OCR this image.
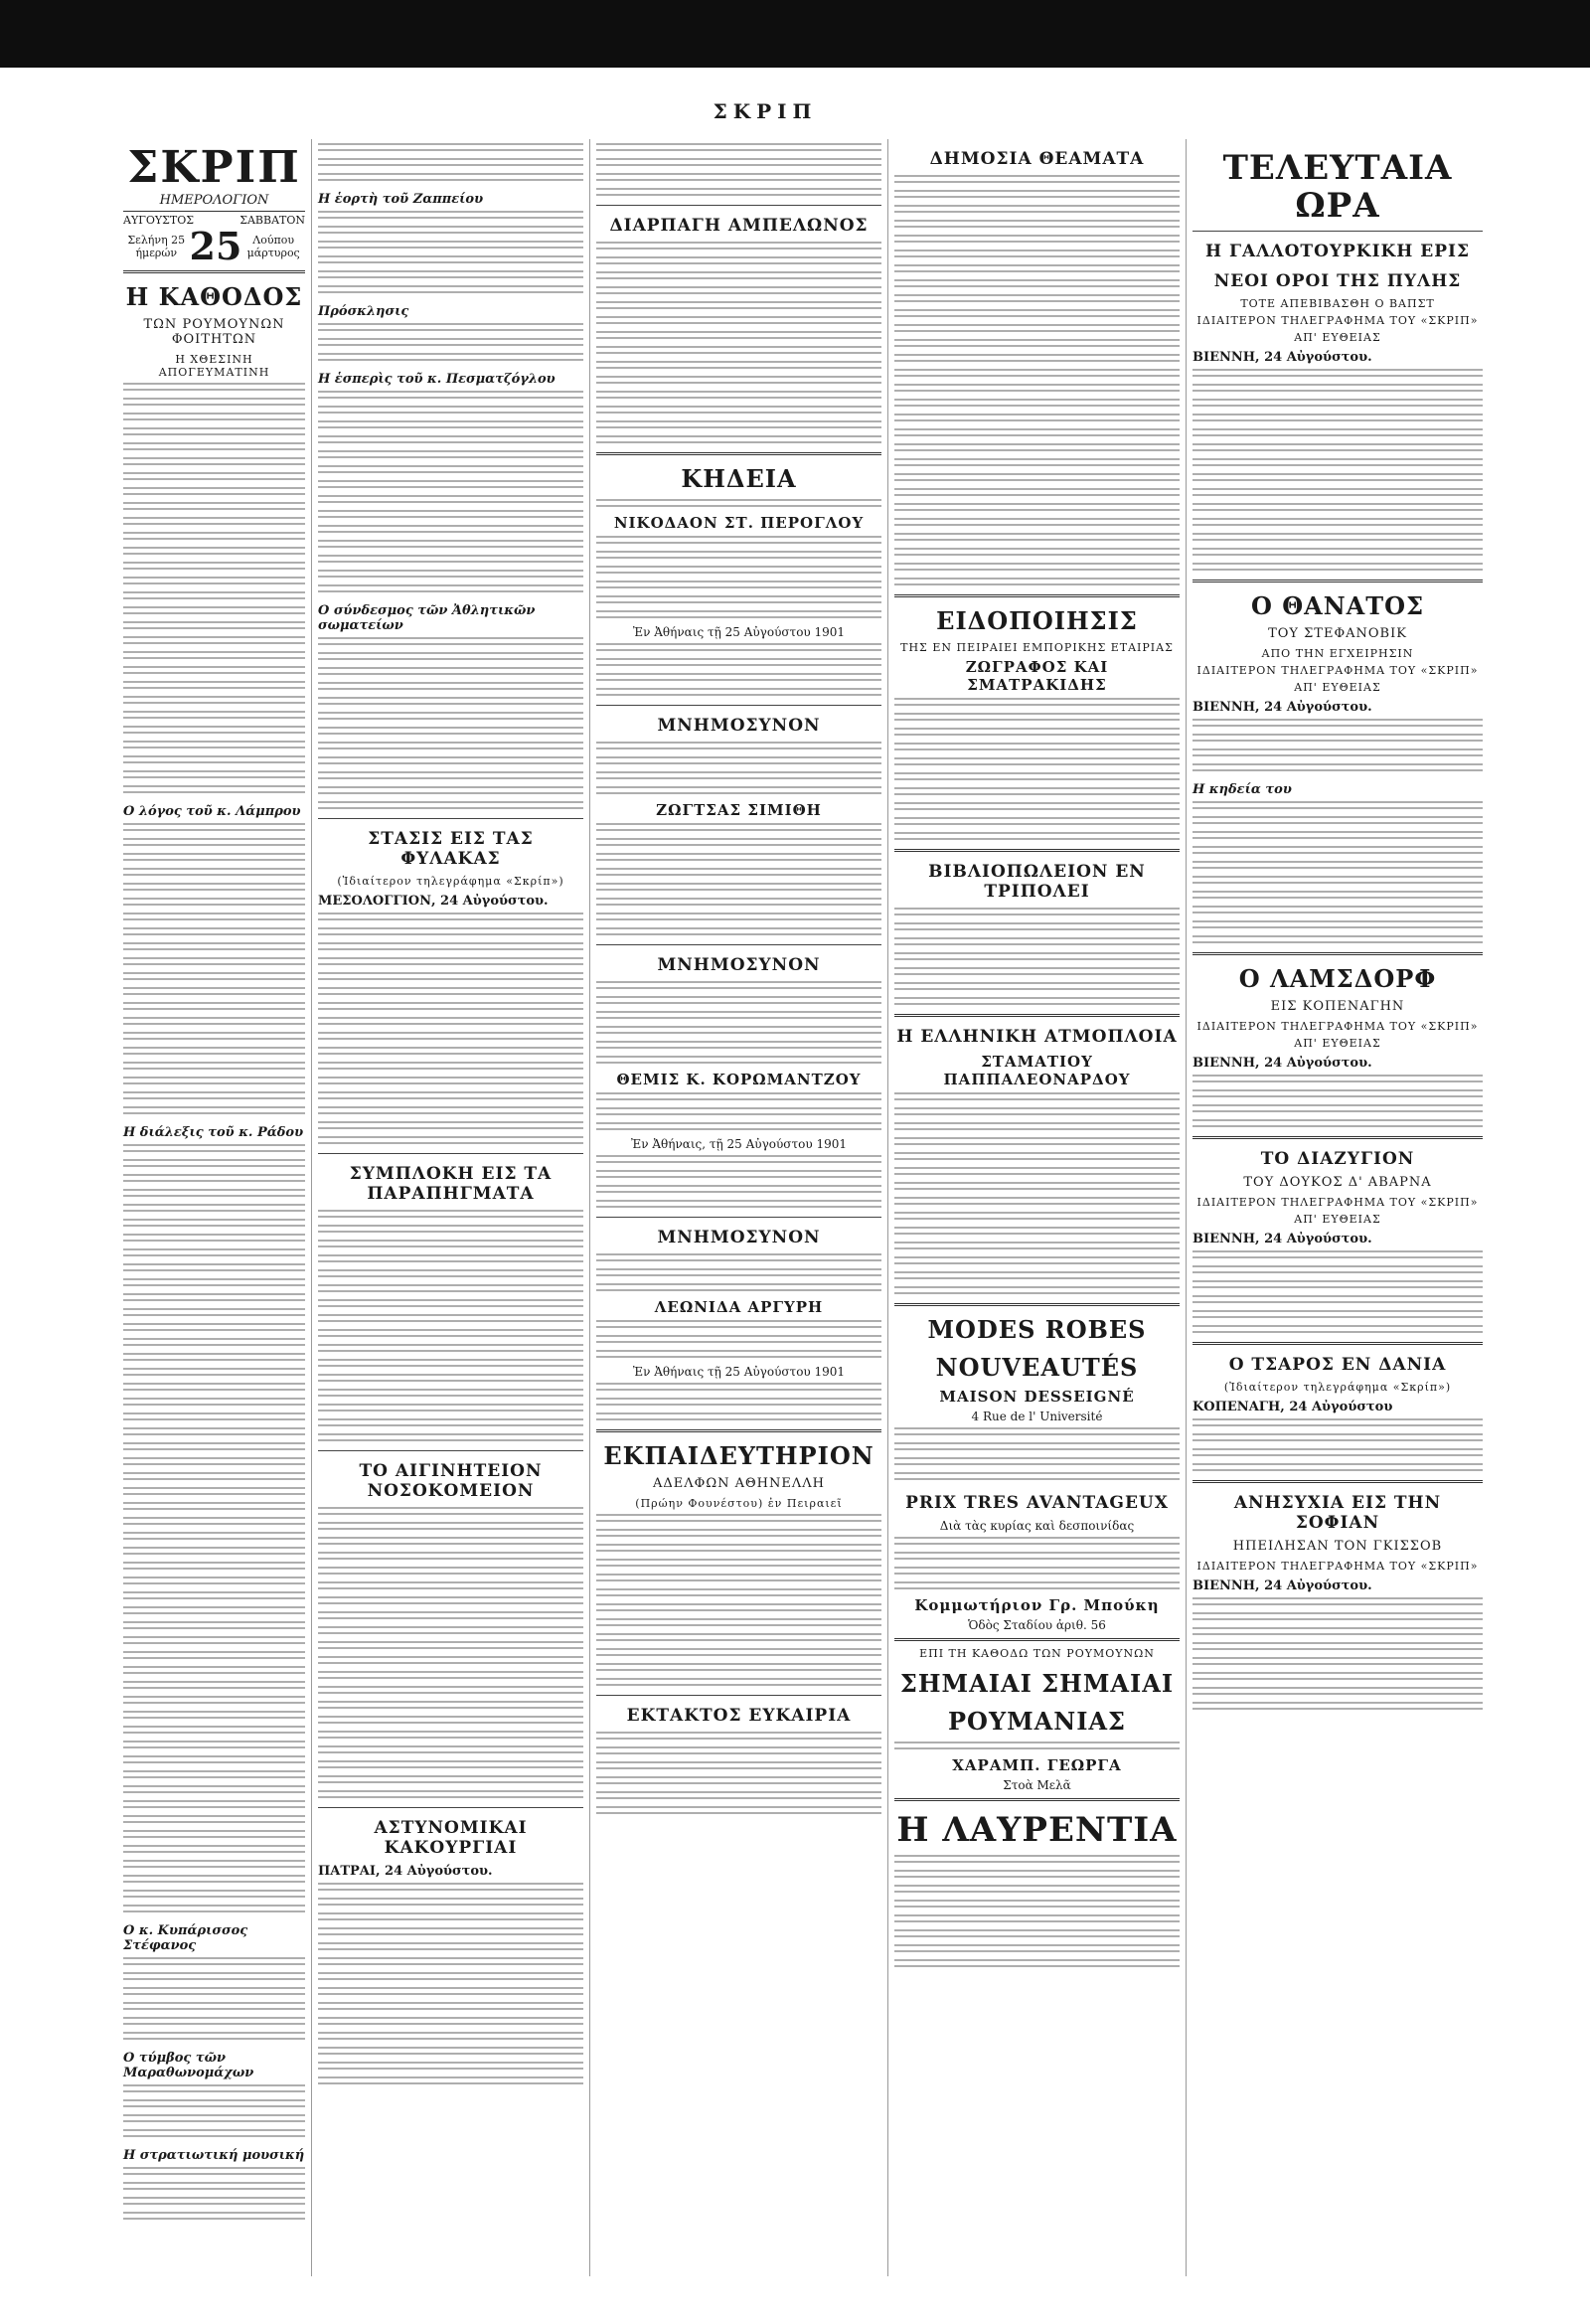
ΣΚΡΙΠ
ΣΚΡΙΠ
ΗΜΕΡΟΛΟΓΙΟΝ
ΑΥΓΟΥΣΤΟΣ	ΣΑΒΒΑΤΟΝ
Σελήνη 25 ήμερών 25 Λούπου μάρτυρος
Η ΚΑΘΟΔΟΣ
ΤΩΝ ΡΟΥΜΟΥΝΩΝ ΦΟΙΤΗΤΩΝ
Η ΧΘΕΣΙΝΗ ΑΠΟΓΕΥΜΑΤΙΝΗ
Ο λόγος τοῦ κ. Λάμπρου
Η διάλεξις τοῦ κ. Ράδου
Ο κ. Κυπάρισσος Στέφανος
Ο τύμβος τῶν Μαραθωνομάχων
Η στρατιωτική μουσική
Η ἑορτὴ τοῦ Ζαππείου
Πρόσκλησις
Η ἑσπερὶς τοῦ κ. Πεσματζόγλου
Ο σύνδεσμος τῶν Ἀθλητικῶν σωματείων
ΣΤΑΣΙΣ ΕΙΣ ΤΑΣ ΦΥΛΑΚΑΣ
(Ἰδιαίτερον τηλεγράφημα «Σκρίπ»)
ΜΕΣΟΛΟΓΓΙΟΝ, 24 Αὐγούστου.
ΣΥΜΠΛΟΚΗ ΕΙΣ ΤΑ ΠΑΡΑΠΗΓΜΑΤΑ
ΤΟ ΑΙΓΙΝΗΤΕΙΟΝ ΝΟΣΟΚΟΜΕΙΟΝ
ΑΣΤΥΝΟΜΙΚΑΙ ΚΑΚΟΥΡΓΙΑΙ
ΠΑΤΡΑΙ, 24 Αὐγούστου.
ΔΙΑΡΠΑΓΗ ΑΜΠΕΛΩΝΟΣ
ΚΗΔΕΙΑ
ΝΙΚΟΔΑΟΝ ΣΤ. ΠΕΡΟΓΛΟΥ
Ἐν Ἀθήναις τῇ 25 Αὐγούστου 1901
ΜΝΗΜΟΣΥΝΟΝ
ΖΩΓΤΣΑΣ ΣΙΜΙΘΗ
ΜΝΗΜΟΣΥΝΟΝ
ΘΕΜΙΣ Κ. ΚΟΡΩΜΑΝΤΖΟΥ
Ἐν Ἀθήναις, τῇ 25 Αὐγούστου 1901
ΜΝΗΜΟΣΥΝΟΝ
ΛΕΩΝΙΔΑ ΑΡΓΥΡΗ
Ἐν Ἀθήναις τῇ 25 Αὐγούστου 1901
ΕΚΠΑΙΔΕΥΤΗΡΙΟΝ
ΑΔΕΛΦΩΝ ΑΘΗΝΕΛΛΗ
(Πρώην Φουνέστου) ἐν Πειραιεῖ
ΕΚΤΑΚΤΟΣ ΕΥΚΑΙΡΙΑ
ΔΗΜΟΣΙΑ ΘΕΑΜΑΤΑ
ΕΙΔΟΠΟΙΗΣΙΣ
ΤΗΣ ΕΝ ΠΕΙΡΑΙΕΙ ΕΜΠΟΡΙΚΗΣ ΕΤΑΙΡΙΑΣ
ΖΩΓΡΑΦΟΣ ΚΑΙ ΣΜΑΤΡΑΚΙΔΗΣ
ΒΙΒΛΙΟΠΩΛΕΙΟΝ ΕΝ ΤΡΙΠΟΛΕΙ
Η ΕΛΛΗΝΙΚΗ ΑΤΜΟΠΛΟΙΑ
ΣΤΑΜΑΤΙΟΥ ΠΑΠΠΑΛΕΟΝΑΡΔΟΥ
MODES ROBES
NOUVEAUTÉS
MAISON DESSEIGNÉ
4 Rue de l' Université
PRIX TRES AVANTAGEUX
Διὰ τὰς κυρίας καὶ δεσποινίδας
Κομμωτήριον Γρ. Μπούκη
Ὁδὸς Σταδίου ἀριθ. 56
ΕΠΙ ΤΗ ΚΑΘΟΔΩ ΤΩΝ ΡΟΥΜΟΥΝΩΝ
ΣΗΜΑΙΑΙ ΣΗΜΑΙΑΙ
ΡΟΥΜΑΝΙΑΣ
ΧΑΡΑΜΠ. ΓΕΩΡΓΑ
Στοὰ Μελᾶ
Η ΛΑΥΡΕΝΤΙΑ
ΤΕΛΕΥΤΑΙΑ ΩΡΑ
Η ΓΑΛΛΟΤΟΥΡΚΙΚΗ ΕΡΙΣ
ΝΕΟΙ ΟΡΟΙ ΤΗΣ ΠΥΛΗΣ
ΤΟΤΕ ΑΠΕΒΙΒΑΣΘΗ Ο ΒΑΠΣΤ
ΙΔΙΑΙΤΕΡΟΝ ΤΗΛΕΓΡΑΦΗΜΑ ΤΟΥ «ΣΚΡΙΠ»
ΑΠ' ΕΥΘΕΙΑΣ
ΒΙΕΝΝΗ, 24 Αὐγούστου.
Ο ΘΑΝΑΤΟΣ
ΤΟΥ ΣΤΕΦΑΝΟΒΙΚ
ΑΠΟ ΤΗΝ ΕΓΧΕΙΡΗΣΙΝ
ΙΔΙΑΙΤΕΡΟΝ ΤΗΛΕΓΡΑΦΗΜΑ ΤΟΥ «ΣΚΡΙΠ»
ΑΠ' ΕΥΘΕΙΑΣ
ΒΙΕΝΝΗ, 24 Αὐγούστου.
Η κηδεία του
Ο ΛΑΜΣΔΟΡΦ
ΕΙΣ ΚΟΠΕΝΑΓΗΝ
ΙΔΙΑΙΤΕΡΟΝ ΤΗΛΕΓΡΑΦΗΜΑ ΤΟΥ «ΣΚΡΙΠ»
ΑΠ' ΕΥΘΕΙΑΣ
ΒΙΕΝΝΗ, 24 Αὐγούστου.
ΤΟ ΔΙΑΖΥΓΙΟΝ
ΤΟΥ ΔΟΥΚΟΣ Δ' ΑΒΑΡΝΑ
ΙΔΙΑΙΤΕΡΟΝ ΤΗΛΕΓΡΑΦΗΜΑ ΤΟΥ «ΣΚΡΙΠ»
ΑΠ' ΕΥΘΕΙΑΣ
ΒΙΕΝΝΗ, 24 Αὐγούστου.
Ο ΤΣΑΡΟΣ ΕΝ ΔΑΝΙΑ
(Ἰδιαίτερον τηλεγράφημα «Σκρίπ»)
ΚΟΠΕΝΑΓΗ, 24 Αὐγούστου
ΑΝΗΣΥΧΙΑ ΕΙΣ ΤΗΝ ΣΟΦΙΑΝ
ΗΠΕΙΛΗΣΑΝ ΤΟΝ ΓΚΙΣΣΟΒ
ΙΔΙΑΙΤΕΡΟΝ ΤΗΛΕΓΡΑΦΗΜΑ ΤΟΥ «ΣΚΡΙΠ»
ΒΙΕΝΝΗ, 24 Αὐγούστου.
